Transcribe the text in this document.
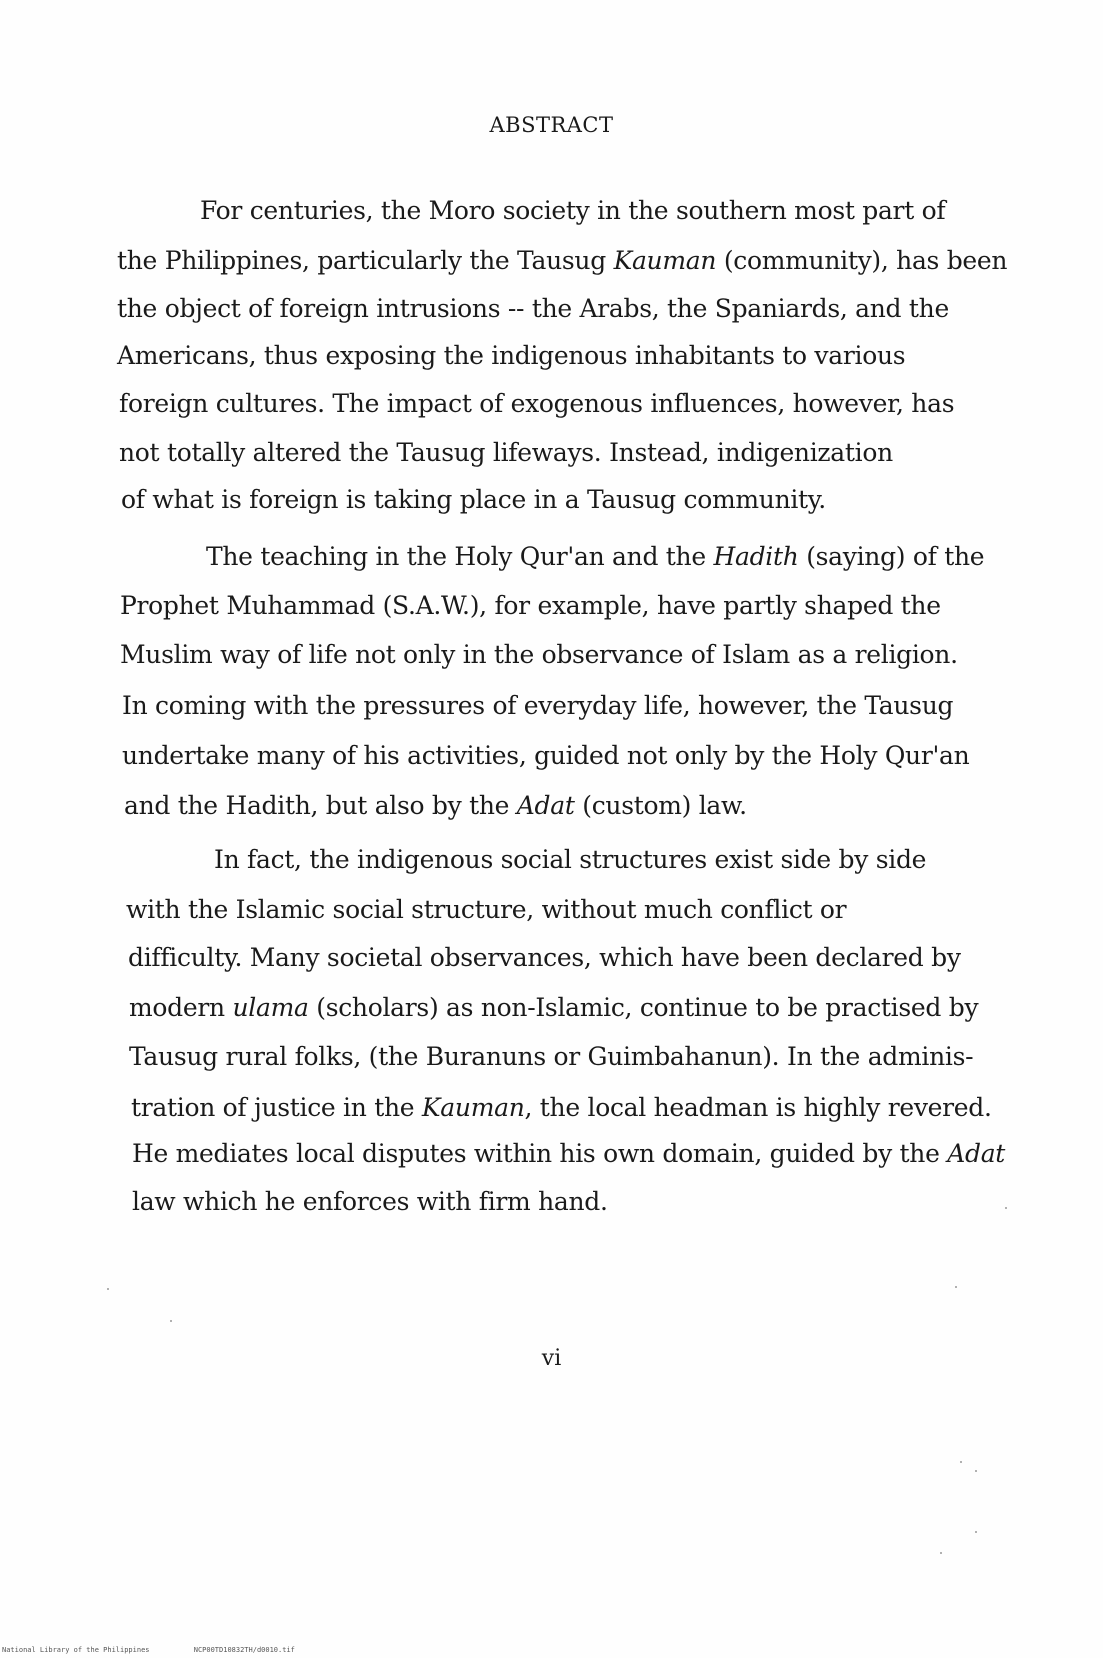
ABSTRACT
For centuries, the Moro society in the southern most part of
the Philippines, particularly the Tausug Kauman (community), has been
the object of foreign intrusions -- the Arabs, the Spaniards, and the
Americans, thus exposing the indigenous inhabitants to various
foreign cultures. The impact of exogenous influences, however, has
not totally altered the Tausug lifeways. Instead, indigenization
of what is foreign is taking place in a Tausug community.
The teaching in the Holy Qur'an and the Hadith (saying) of the
Prophet Muhammad (S.A.W.), for example, have partly shaped the
Muslim way of life not only in the observance of Islam as a religion.
In coming with the pressures of everyday life, however, the Tausug
undertake many of his activities, guided not only by the Holy Qur'an
and the Hadith, but also by the Adat (custom) law.
In fact, the indigenous social structures exist side by side
with the Islamic social structure, without much conflict or
difficulty. Many societal observances, which have been declared by
modern ulama (scholars) as non-Islamic, continue to be practised by
Tausug rural folks, (the Buranuns or Guimbahanun). In the adminis-
tration of justice in the Kauman, the local headman is highly revered.
He mediates local disputes within his own domain, guided by the Adat
law which he enforces with firm hand.
vi
National Library of the Philippines	NCP00TD10832TH/d0010.tif
